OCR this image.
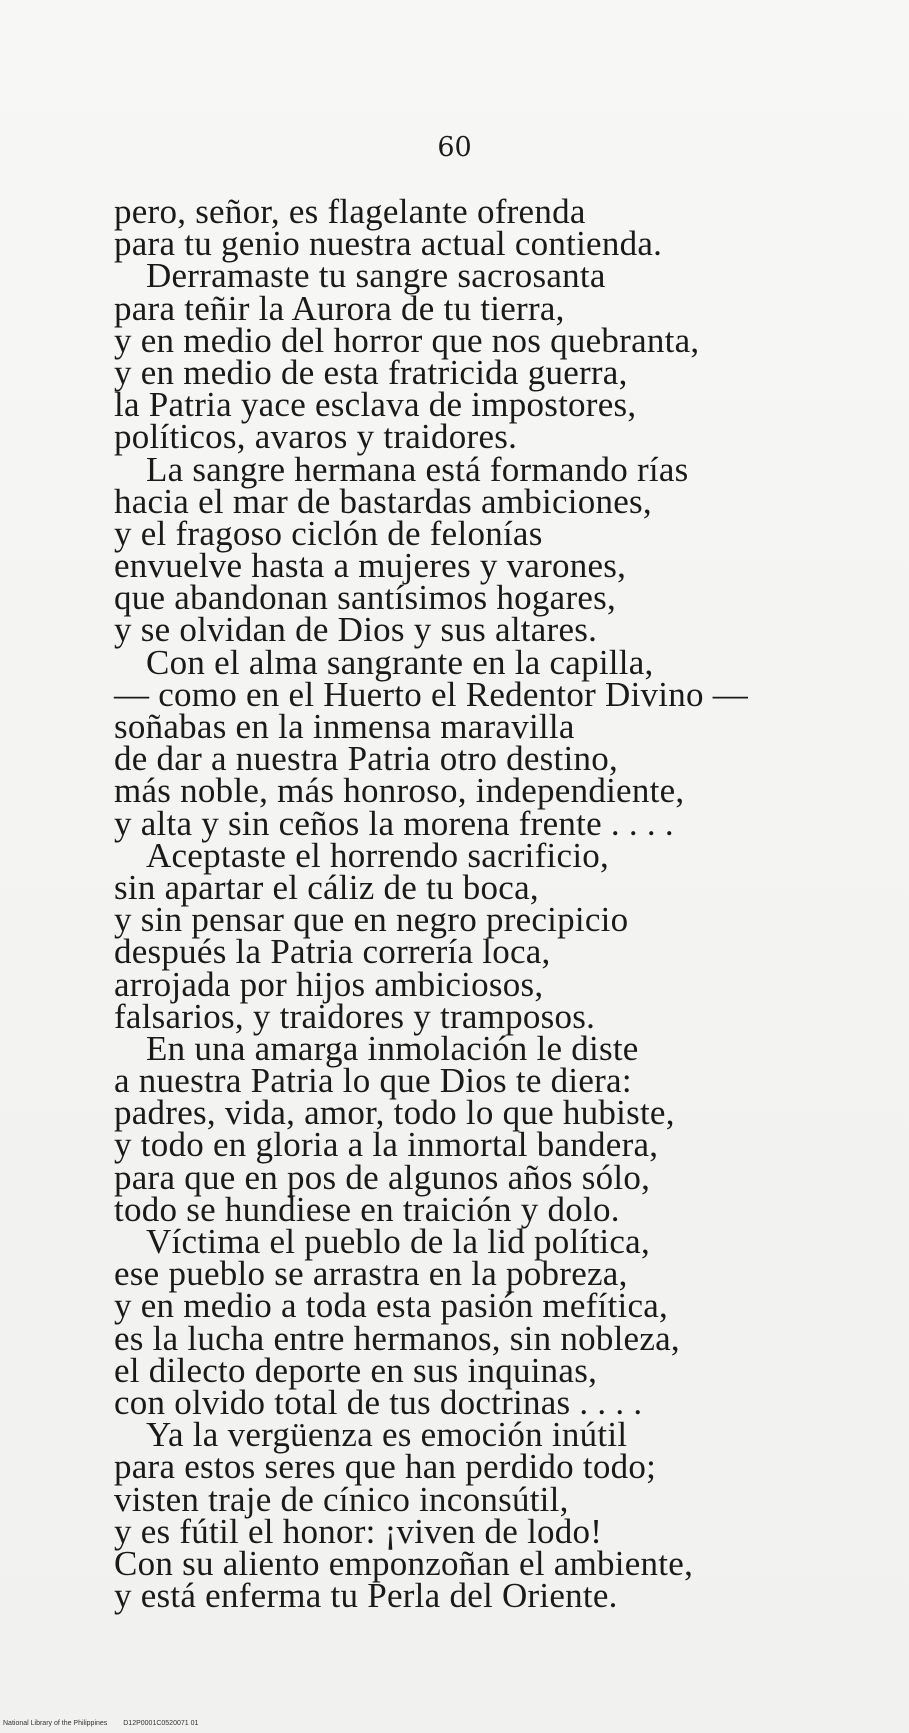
60
pero, señor, es flagelante ofrenda
para tu genio nuestra actual contienda.
Derramaste tu sangre sacrosanta
para teñir la Aurora de tu tierra,
y en medio del horror que nos quebranta,
y en medio de esta fratricida guerra,
la Patria yace esclava de impostores,
políticos, avaros y traidores.
La sangre hermana está formando rías
hacia el mar de bastardas ambiciones,
y el fragoso ciclón de felonías
envuelve hasta a mujeres y varones,
que abandonan santísimos hogares,
y se olvidan de Dios y sus altares.
Con el alma sangrante en la capilla,
— como en el Huerto el Redentor Divino —
soñabas en la inmensa maravilla
de dar a nuestra Patria otro destino,
más noble, más honroso, independiente,
y alta y sin ceños la morena frente . . . .
Aceptaste el horrendo sacrificio,
sin apartar el cáliz de tu boca,
y sin pensar que en negro precipicio
después la Patria correría loca,
arrojada por hijos ambiciosos,
falsarios, y traidores y tramposos.
En una amarga inmolación le diste
a nuestra Patria lo que Dios te diera:
padres, vida, amor, todo lo que hubiste,
y todo en gloria a la inmortal bandera,
para que en pos de algunos años sólo,
todo se hundiese en traición y dolo.
Víctima el pueblo de la lid política,
ese pueblo se arrastra en la pobreza,
y en medio a toda esta pasión mefítica,
es la lucha entre hermanos, sin nobleza,
el dilecto deporte en sus inquinas,
con olvido total de tus doctrinas . . . .
Ya la vergüenza es emoción inútil
para estos seres que han perdido todo;
visten traje de cínico inconsútil,
y es fútil el honor: ¡viven de lodo!
Con su aliento emponzoñan el ambiente,
y está enferma tu Perla del Oriente.
National Library of the Philippines D12P0001C0520071 01
